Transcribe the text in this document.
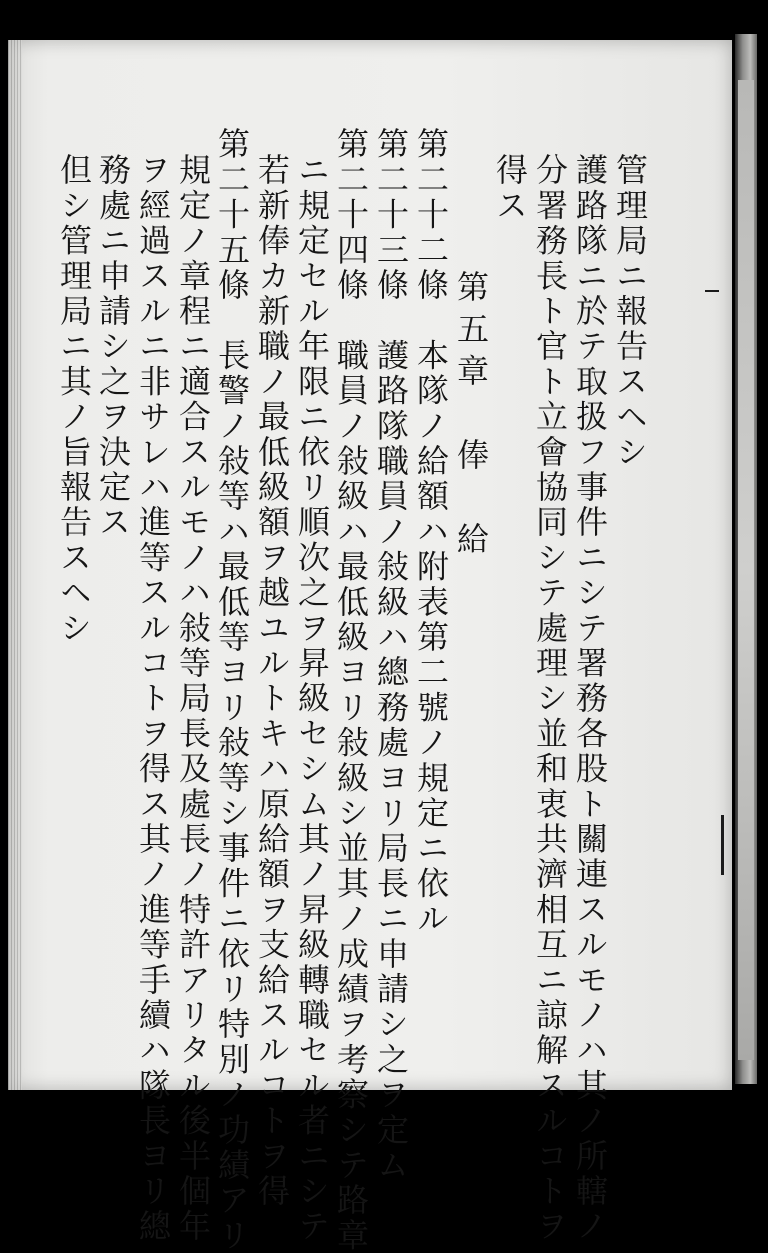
管理局ニ報告スヘシ
護路隊ニ於テ取扱フ事件ニシテ署務各股ト關連スルモノハ其ノ所轄ノ
分署務長ト官ト立會協同シテ處理シ並和衷共濟相互ニ諒解スルコトヲ
得ス
第五章　俸　給
第二十二條　本隊ノ給額ハ附表第二號ノ規定ニ依ル
第二十三條　護路隊職員ノ敍級ハ總務處ヨリ局長ニ申請シ之ヲ定ム
第二十四條　職員ノ敍級ハ最低級ヨリ敍級シ並其ノ成績ヲ考察シテ路章
ニ規定セル年限ニ依リ順次之ヲ昇級セシム其ノ昇級轉職セル者ニシテ
若新俸カ新職ノ最低級額ヲ越ユルトキハ原給額ヲ支給スルコトヲ得
第二十五條　長警ノ敍等ハ最低等ヨリ敍等シ事件ニ依リ特別ノ功績アリ
規定ノ章程ニ適合スルモノハ敍等局長及處長ノ特許アリタル後半個年
ヲ經過スルニ非サレハ進等スルコトヲ得ス其ノ進等手續ハ隊長ヨリ總
務處ニ申請シ之ヲ決定ス
但シ管理局ニ其ノ旨報告スヘシ
